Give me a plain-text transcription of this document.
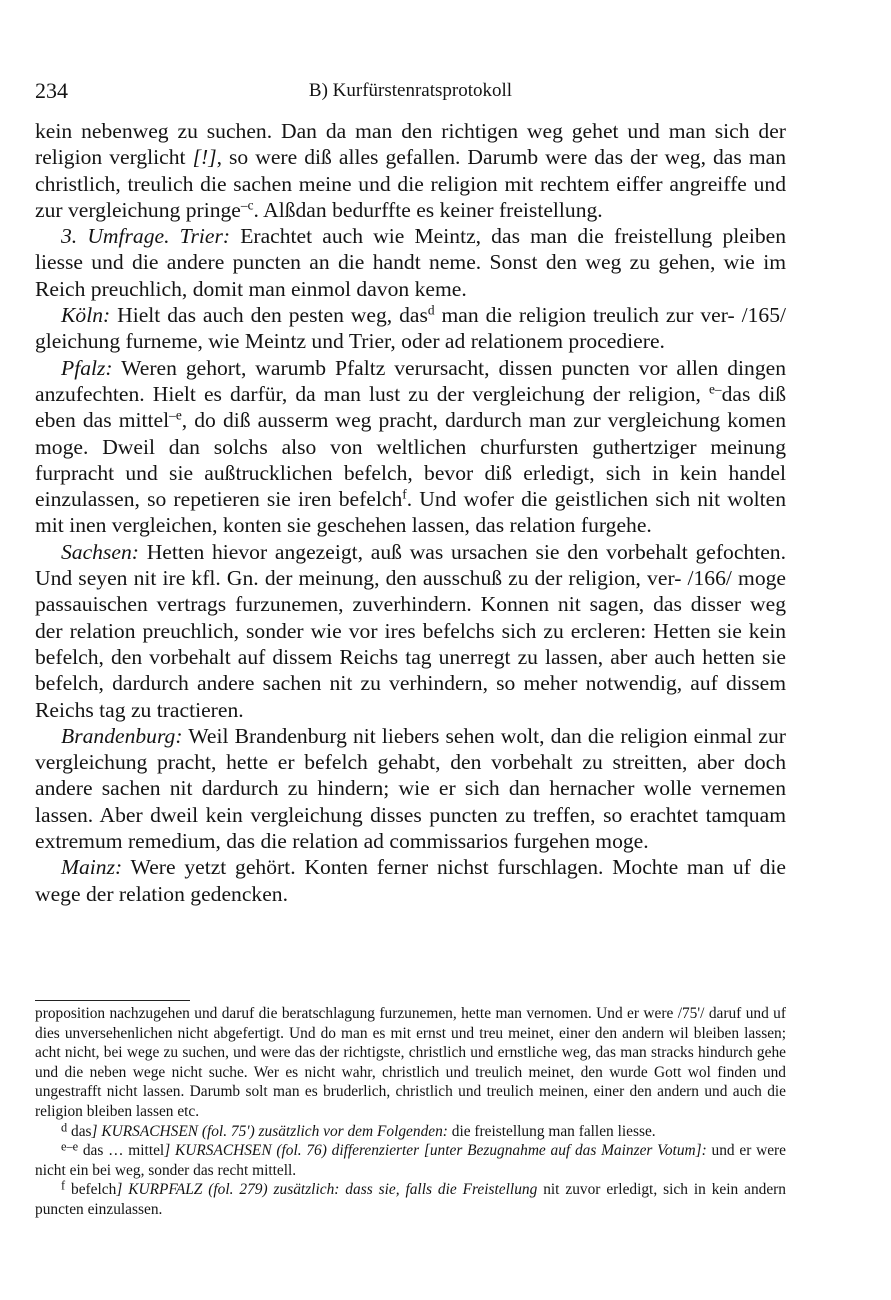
234	B) Kurfürstenratsprotokoll

kein nebenweg zu suchen. Dan da man den richtigen weg gehet und man sich der religion verglicht [!], so were diß alles gefallen. Darumb were das der weg, das man christlich, treulich die sachen meine und die religion mit rechtem eiffer angreiffe und zur vergleichung pringe$^{-c}$. Alßdan bedurffte es keiner freistellung.

3. Umfrage. Trier: Erachtet auch wie Meintz, das man die freistellung pleiben liesse und die andere puncten an die handt neme. Sonst den weg zu gehen, wie im Reich preuchlich, domit man einmol davon keme.

Köln: Hielt das auch den pesten weg, das$^d$ man die religion treulich zur ver- /165/ gleichung furneme, wie Meintz und Trier, oder ad relationem procediere.

Pfalz: Weren gehort, warumb Pfaltz verursacht, dissen puncten vor allen dingen anzufechten. Hielt es darfür, da man lust zu der vergleichung der religion, $^{e-}$das diß eben das mittel$^{-e}$, do diß ausserm weg pracht, dardurch man zur vergleichung komen moge. Dweil dan solchs also von weltlichen churfursten guthertziger meinung furpracht und sie außtrucklichen befelch, bevor diß erledigt, sich in kein handel einzulassen, so repetieren sie iren befelch$^f$. Und wofer die geistlichen sich nit wolten mit inen vergleichen, konten sie geschehen lassen, das relation furgehe.

Sachsen: Hetten hievor angezeigt, auß was ursachen sie den vorbehalt gefochten. Und seyen nit ire kfl. Gn. der meinung, den ausschuß zu der religion, ver- /166/ moge passauischen vertrags furzunemen, zuverhindern. Konnen nit sagen, das disser weg der relation preuchlich, sonder wie vor ires befelchs sich zu ercleren: Hetten sie kein befelch, den vorbehalt auf dissem Reichs tag unerregt zu lassen, aber auch hetten sie befelch, dardurch andere sachen nit zu verhindern, so meher notwendig, auf dissem Reichs tag zu tractieren.

Brandenburg: Weil Brandenburg nit liebers sehen wolt, dan die religion einmal zur vergleichung pracht, hette er befelch gehabt, den vorbehalt zu streitten, aber doch andere sachen nit dardurch zu hindern; wie er sich dan hernacher wolle vernemen lassen. Aber dweil kein vergleichung disses puncten zu treffen, so erachtet tamquam extremum remedium, das die relation ad commissarios furgehen moge.

Mainz: Were yetzt gehört. Konten ferner nichst furschlagen. Mochte man uf die wege der relation gedencken.

proposition nachzugehen und daruf die beratschlagung furzunemen, hette man vernomen. Und er were /75'/ daruf und uf dies unversehenlichen nicht abgefertigt. Und do man es mit ernst und treu meinet, einer den andern wil bleiben lassen; acht nicht, bei wege zu suchen, und were das der richtigste, christlich und ernstliche weg, das man stracks hindurch gehe und die neben wege nicht suche. Wer es nicht wahr, christlich und treulich meinet, den wurde Gott wol finden und ungestrafft nicht lassen. Darumb solt man es bruderlich, christlich und treulich meinen, einer den andern und auch die religion bleiben lassen etc.

$^d$ das] KURSACHSEN (fol. 75') zusätzlich vor dem Folgenden: die freistellung man fallen liesse.

$^{e-e}$ das … mittel] KURSACHSEN (fol. 76) differenzierter [unter Bezugnahme auf das Mainzer Votum]: und er were nicht ein bei weg, sonder das recht mittell.

$^f$ befelch] KURPFALZ (fol. 279) zusätzlich: dass sie, falls die Freistellung nit zuvor erledigt, sich in kein andern puncten einzulassen.
